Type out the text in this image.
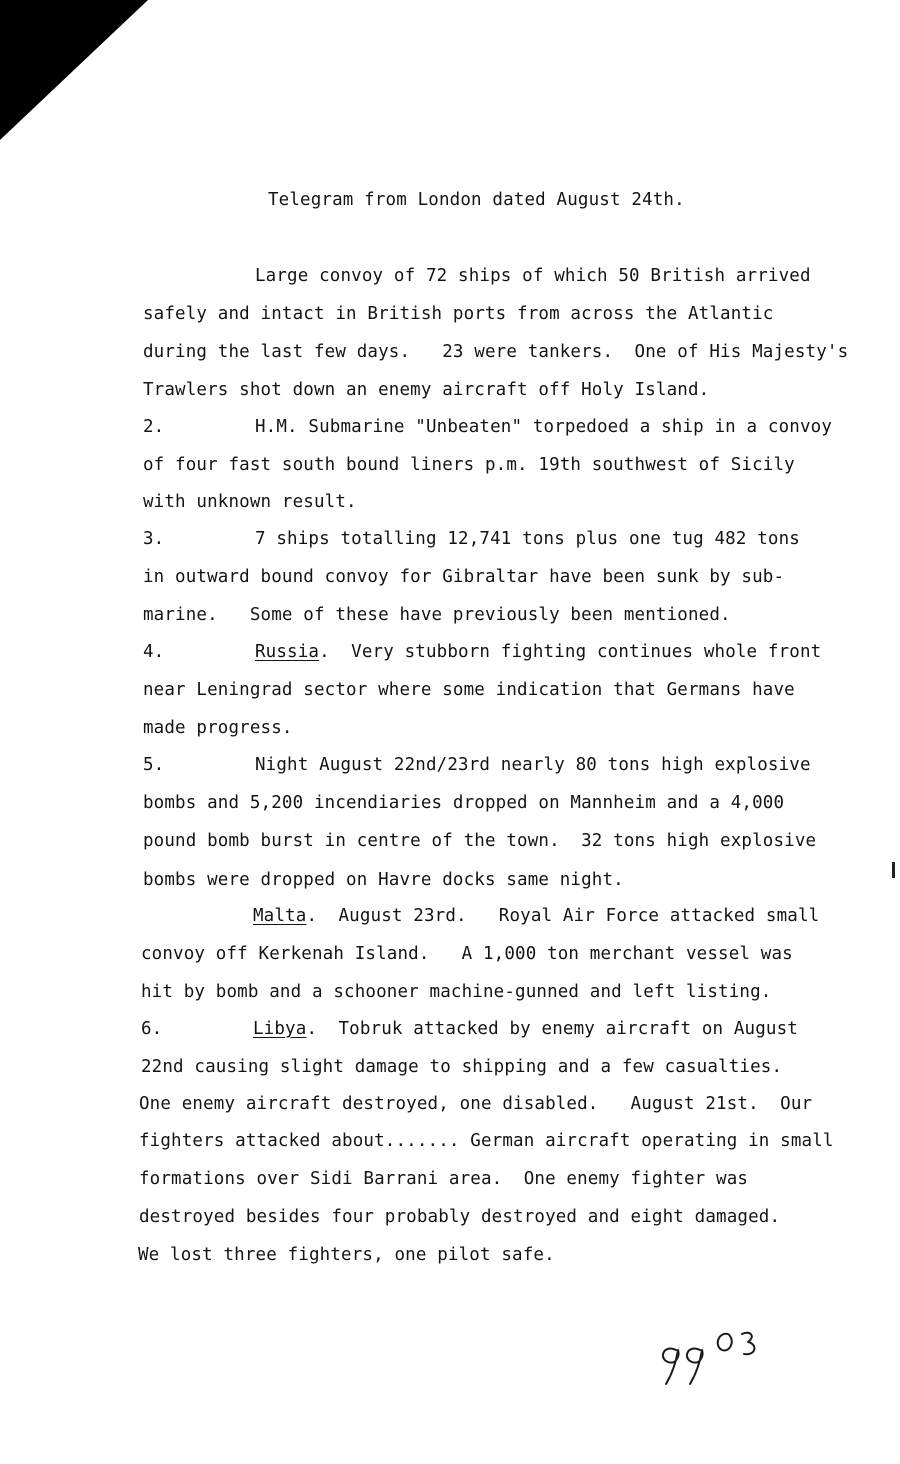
Telegram from London dated August 24th.
Large convoy of 72 ships of which 50 British arrived
safely and intact in British ports from across the Atlantic
during the last few days.   23 were tankers.  One of His Majesty's
Trawlers shot down an enemy aircraft off Holy Island.
2.	H.M. Submarine "Unbeaten" torpedoed a ship in a convoy
of four fast south bound liners p.m. 19th southwest of Sicily
with unknown result.
3.	7 ships totalling 12,741 tons plus one tug 482 tons
in outward bound convoy for Gibraltar have been sunk by sub-
marine.   Some of these have previously been mentioned.
4.	Russia.  Very stubborn fighting continues whole front
near Leningrad sector where some indication that Germans have
made progress.
5.	Night August 22nd/23rd nearly 80 tons high explosive
bombs and 5,200 incendiaries dropped on Mannheim and a 4,000
pound bomb burst in centre of the town.  32 tons high explosive
bombs were dropped on Havre docks same night.
Malta.  August 23rd.   Royal Air Force attacked small
convoy off Kerkenah Island.   A 1,000 ton merchant vessel was
hit by bomb and a schooner machine-gunned and left listing.
6.	Libya.  Tobruk attacked by enemy aircraft on August
22nd causing slight damage to shipping and a few casualties.
One enemy aircraft destroyed, one disabled.   August 21st.  Our
fighters attacked about....... German aircraft operating in small
formations over Sidi Barrani area.  One enemy fighter was
destroyed besides four probably destroyed and eight damaged.
We lost three fighters, one pilot safe.
